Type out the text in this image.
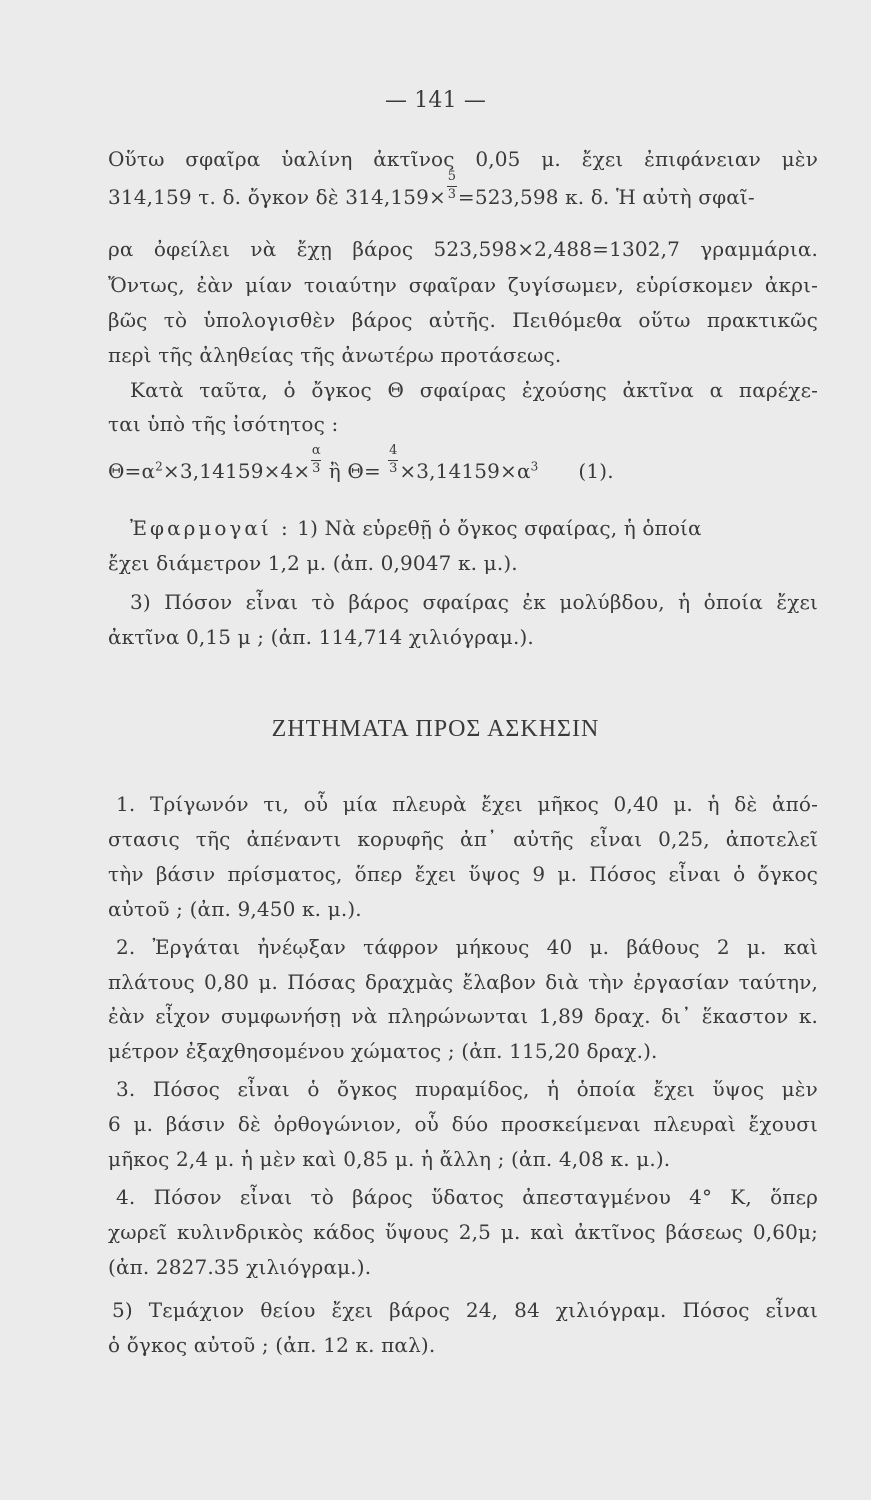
— 141 —
Οὕτω σφαῖρα ὑαλίνη ἀκτῖνος 0,05 μ. ἔχει ἐπιφάνειαν μὲν
314,159 τ. δ. ὄγκον δὲ $314,159\times \frac{5}{3} =523,598$ κ. δ. Ἡ αὐτὴ σφαῖ-
ρα ὀφείλει νὰ ἔχῃ βάρος 523,598×2,488=1302,7 γραμμάρια.
Ὄντως, ἐὰν μίαν τοιαύτην σφαῖραν ζυγίσωμεν, εὑρίσκομεν ἀκρι-
βῶς τὸ ὑπολογισθὲν βάρος αὐτῆς. Πειθόμεθα οὕτω πρακτικῶς
περὶ τῆς ἀληθείας τῆς ἀνωτέρω προτάσεως.
Κατὰ ταῦτα, ὁ ὄγκος Θ σφαίρας ἐχούσης ἀκτῖνα α παρέχε-
ται ὑπὸ τῆς ἰσότητος :
$\Theta=\alpha^2\times 3,14159\times 4\times \frac{\alpha}{3}$ ἢ $\Theta= \frac{4}{3} \times 3,14159\times\alpha^3$ (1).
Ἐφαρμογαί : 1) Νὰ εὑρεθῇ ὁ ὄγκος σφαίρας, ἡ ὁποία
ἔχει διάμετρον 1,2 μ. (ἀπ. 0,9047 κ. μ.).
3) Πόσον εἶναι τὸ βάρος σφαίρας ἐκ μολύβδου, ἡ ὁποία ἔχει
ἀκτῖνα 0,15 μ ; (ἀπ. 114,714 χιλιόγραμ.).
ΖΗΤΗΜΑΤΑ ΠΡΟΣ ΑΣΚΗΣΙΝ
1. Τρίγωνόν τι, οὗ μία πλευρὰ ἔχει μῆκος 0,40 μ. ἡ δὲ ἀπό-
στασις τῆς ἀπέναντι κορυφῆς ἀπ᾽ αὐτῆς εἶναι 0,25, ἀποτελεῖ
τὴν βάσιν πρίσματος, ὅπερ ἔχει ὕψος 9 μ. Πόσος εἶναι ὁ ὄγκος
αὐτοῦ ; (ἀπ. 9,450 κ. μ.).
2. Ἐργάται ἠνέῳξαν τάφρον μήκους 40 μ. βάθους 2 μ. καὶ
πλάτους 0,80 μ. Πόσας δραχμὰς ἔλαβον διὰ τὴν ἐργασίαν ταύτην,
ἐὰν εἶχον συμφωνήσῃ νὰ πληρώνωνται 1,89 δραχ. δι᾽ ἕκαστον κ.
μέτρον ἐξαχθησομένου χώματος ; (ἀπ. 115,20 δραχ.).
3. Πόσος εἶναι ὁ ὄγκος πυραμίδος, ἡ ὁποία ἔχει ὕψος μὲν
6 μ. βάσιν δὲ ὀρθογώνιον, οὗ δύο προσκείμεναι πλευραὶ ἔχουσι
μῆκος 2,4 μ. ἡ μὲν καὶ 0,85 μ. ἡ ἄλλη ; (ἀπ. 4,08 κ. μ.).
4. Πόσον εἶναι τὸ βάρος ὕδατος ἀπεσταγμένου 4° Κ, ὅπερ
χωρεῖ κυλινδρικὸς κάδος ὕψους 2,5 μ. καὶ ἀκτῖνος βάσεως 0,60μ;
(ἀπ. 2827.35 χιλιόγραμ.).
5) Τεμάχιον θείου ἔχει βάρος 24, 84 χιλιόγραμ. Πόσος εἶναι
ὁ ὄγκος αὐτοῦ ; (ἀπ. 12 κ. παλ).
